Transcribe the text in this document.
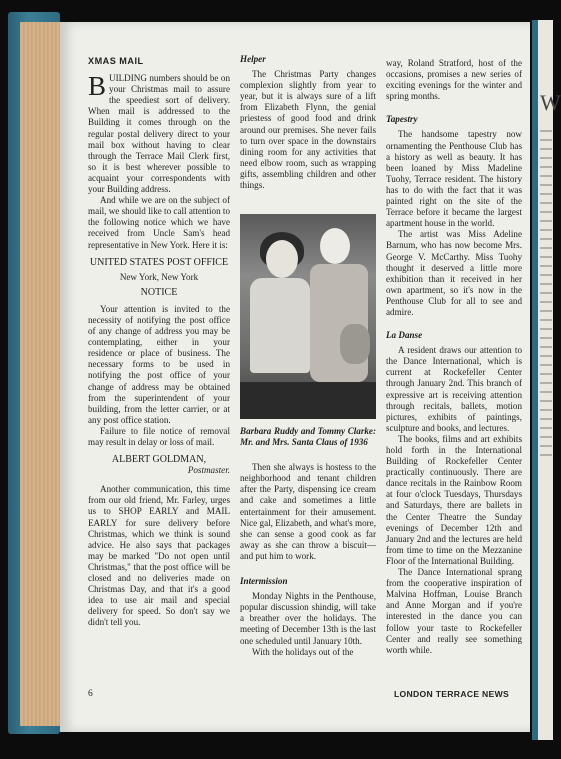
W

XMAS MAIL

BUILDING numbers should be on your Christmas mail to assure the speediest sort of delivery. When mail is addressed to the Building it comes through on the regular postal delivery direct to your mail box without having to clear through the Terrace Mail Clerk first, so it is best wherever possible to acquaint your correspondents with your Building address.

And while we are on the subject of mail, we should like to call attention to the following notice which we have received from Uncle Sam's head representative in New York. Here it is:

UNITED STATES POST OFFICE

New York, New York

NOTICE

Your attention is invited to the necessity of notifying the post office of any change of address you may be contemplating, either in your residence or place of business. The necessary forms to be used in notifying the post office of your change of address may be obtained from the superintendent of your building, from the letter carrier, or at any post office station.

Failure to file notice of removal may result in delay or loss of mail.

ALBERT GOLDMAN,

Postmaster.

Another communication, this time from our old friend, Mr. Farley, urges us to SHOP EARLY and MAIL EARLY for sure delivery before Christmas, which we think is sound advice. He also says that packages may be marked "Do not open until Christmas," that the post office will be closed and no deliveries made on Christmas Day, and that it's a good idea to use air mail and special delivery for speed. So don't say we didn't tell you.

Helper

The Christmas Party changes complexion slightly from year to year, but it is always sure of a lift from Elizabeth Flynn, the genial priestess of good food and drink around our premises. She never fails to turn over space in the downstairs dining room for any activities that need elbow room, such as wrapping gifts, assembling children and other things.

Barbara Ruddy and Tommy Clarke: Mr. and Mrs. Santa Claus of 1936

Then she always is hostess to the neighborhood and tenant children after the Party, dispensing ice cream and cake and sometimes a little entertainment for their amusement. Nice gal, Elizabeth, and what's more, she can sense a good cook as far away as she can throw a biscuit—and put him to work.

Intermission

Monday Nights in the Penthouse, popular discussion shindig, will take a breather over the holidays. The meeting of December 13th is the last one scheduled until January 10th.

With the holidays out of the

way, Roland Stratford, host of the occasions, promises a new series of exciting evenings for the winter and spring months.

Tapestry

The handsome tapestry now ornamenting the Penthouse Club has a history as well as beauty. It has been loaned by Miss Madeline Tuohy, Terrace resident. The history has to do with the fact that it was painted right on the site of the Terrace before it became the largest apartment house in the world.

The artist was Miss Adeline Barnum, who has now become Mrs. George V. McCarthy. Miss Tuohy thought it deserved a little more exhibition than it received in her own apartment, so it's now in the Penthouse Club for all to see and admire.

La Danse

A resident draws our attention to the Dance International, which is current at Rockefeller Center through January 2nd. This branch of expressive art is receiving attention through recitals, ballets, motion pictures, exhibits of paintings, sculpture and books, and lectures.

The books, films and art exhibits hold forth in the International Building of Rockefeller Center practically continuously. There are dance recitals in the Rainbow Room at four o'clock Tuesdays, Thursdays and Saturdays, there are ballets in the Center Theatre the Sunday evenings of December 12th and January 2nd and the lectures are held from time to time on the Mezzanine Floor of the International Building.

The Dance International sprang from the cooperative inspiration of Malvina Hoffman, Louise Branch and Anne Morgan and if you're interested in the dance you can follow your taste to Rockefeller Center and really see something worth while.

6	LONDON TERRACE NEWS
